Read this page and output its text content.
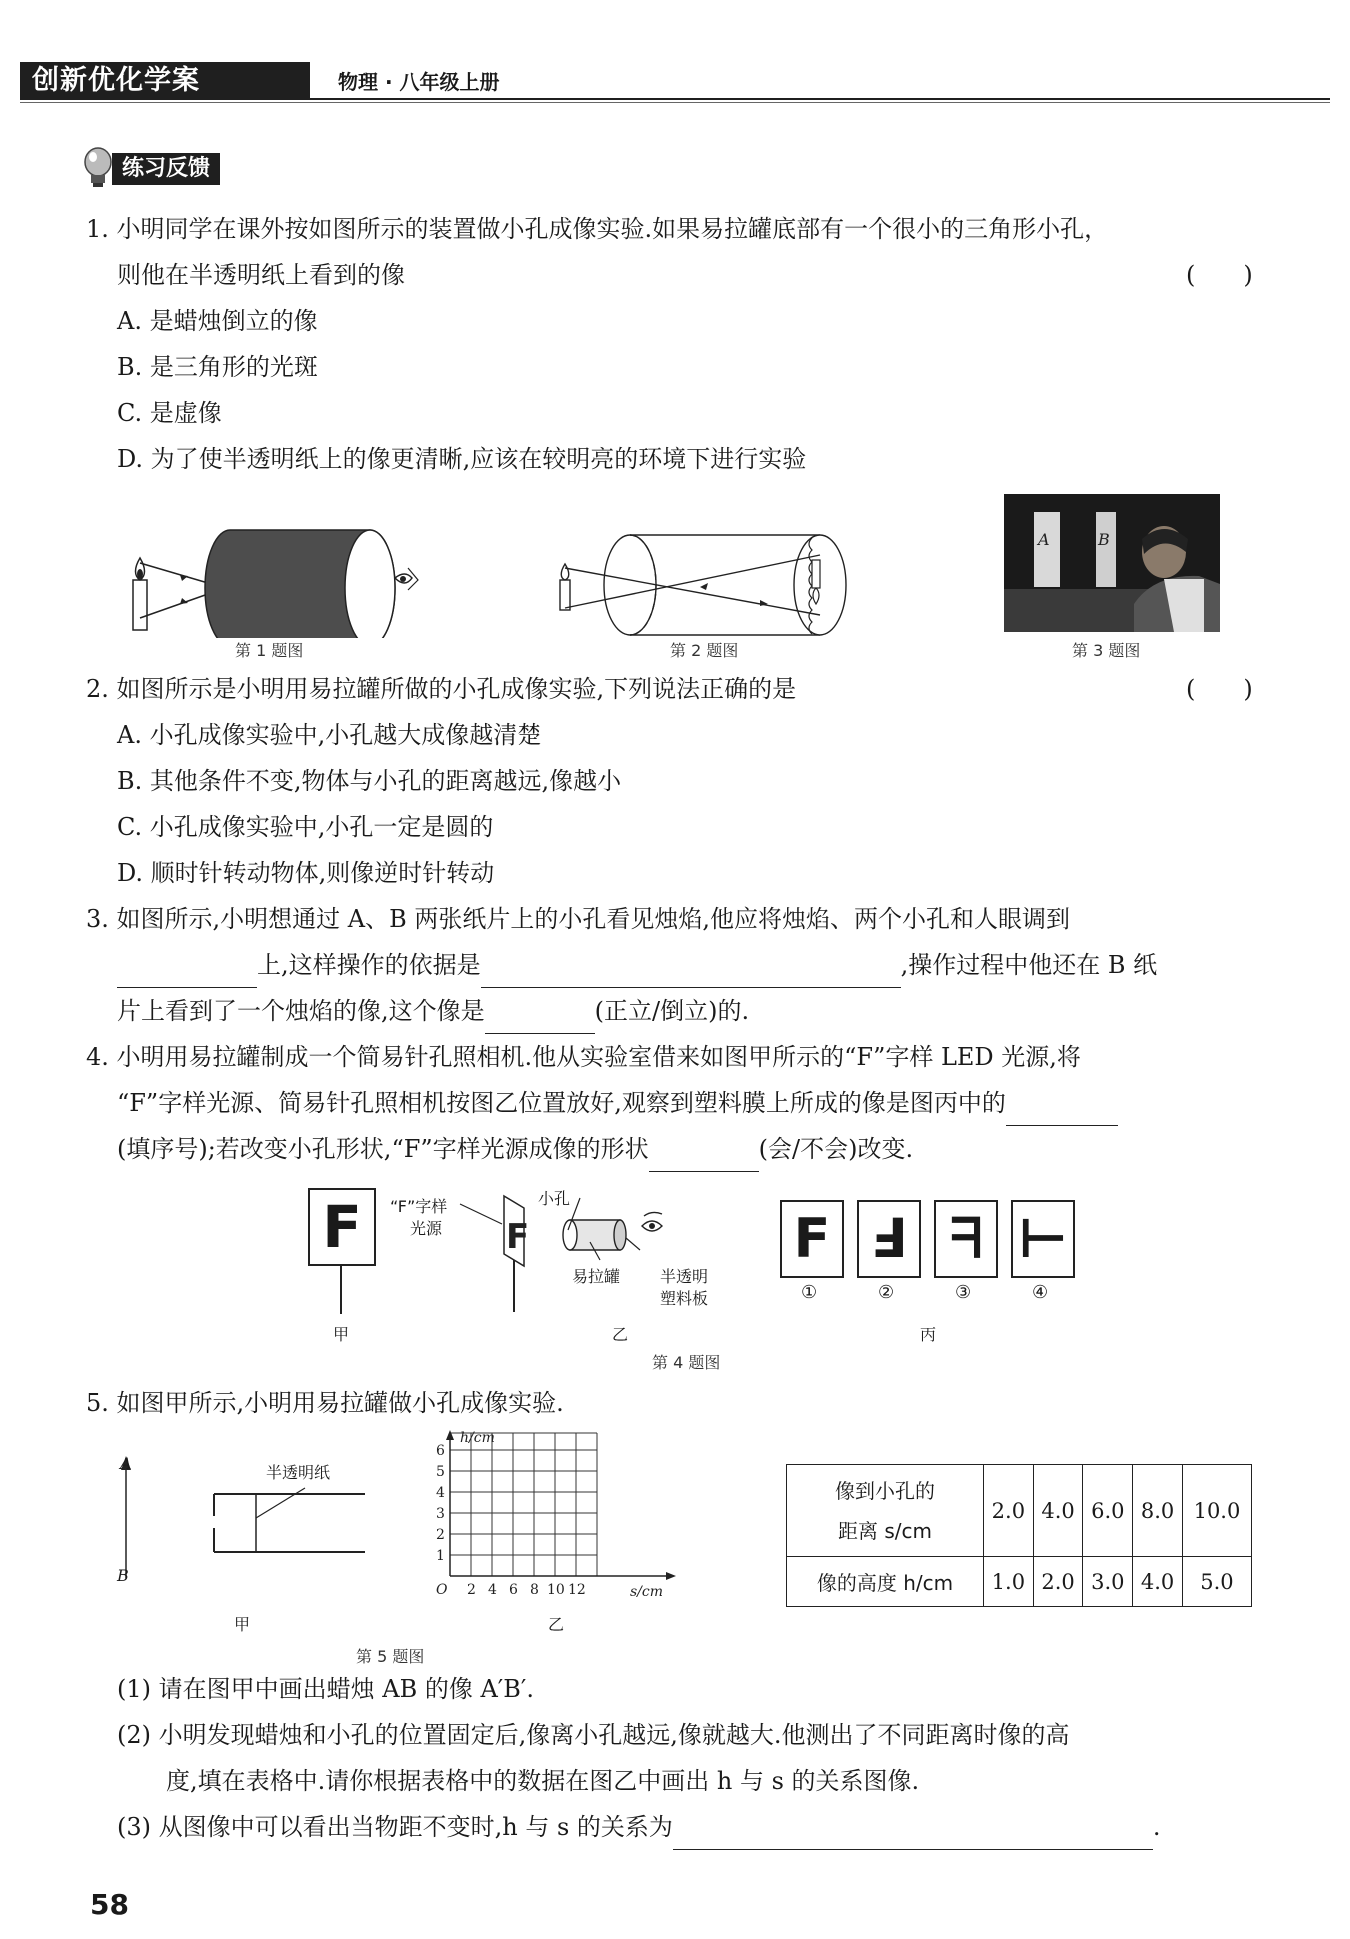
创新优化学案	物理 · 八年级上册
练习反馈
1. 小明同学在课外按如图所示的装置做小孔成像实验.如果易拉罐底部有一个很小的三角形小孔，
则他在半透明纸上看到的像	(　　)
A. 是蜡烛倒立的像
B. 是三角形的光斑
C. 是虚像
D. 为了使半透明纸上的像更清晰,应该在较明亮的环境下进行实验
第 1 题图	第 2 题图
A	B
第 3 题图
2. 如图所示是小明用易拉罐所做的小孔成像实验,下列说法正确的是	(　　)
A. 小孔成像实验中,小孔越大成像越清楚
B. 其他条件不变,物体与小孔的距离越远,像越小
C. 小孔成像实验中,小孔一定是圆的
D. 顺时针转动物体,则像逆时针转动
3. 如图所示,小明想通过 A、B 两张纸片上的小孔看见烛焰,他应将烛焰、两个小孔和人眼调到
上,这样操作的依据是	,操作过程中他还在 B 纸
片上看到了一个烛焰的像,这个像是	(正立/倒立)的.
4. 小明用易拉罐制成一个简易针孔照相机.他从实验室借来如图甲所示的“F”字样 LED 光源,将
“F”字样光源、简易针孔照相机按图乙位置放好,观察到塑料膜上所成的像是图丙中的
(填序号);若改变小孔形状,“F”字样光源成像的形状	(会/不会)改变.
F
甲
“F”字样
光源 F
小孔
易拉罐 半透明
塑料板
乙
第 4 题图
F Ⅎ ᖷ ⊢
①	②	③	④
丙
5. 如图甲所示,小明用易拉罐做小孔成像实验.
A
B
半透明纸
甲
1
2
3
4
5
6
2 4 6 8 10 12
h/cm
s/cm
O
乙
第 5 题图
像到小孔的
距离 s/cm	2.0	4.0	6.0	8.0	10.0
像的高度 h/cm	1.0	2.0	3.0	4.0	5.0
(1) 请在图甲中画出蜡烛 AB 的像 A′B′.
(2) 小明发现蜡烛和小孔的位置固定后,像离小孔越远,像就越大.他测出了不同距离时像的高
度,填在表格中.请你根据表格中的数据在图乙中画出 h 与 s 的关系图像.
(3) 从图像中可以看出当物距不变时,h 与 s 的关系为	.
58
